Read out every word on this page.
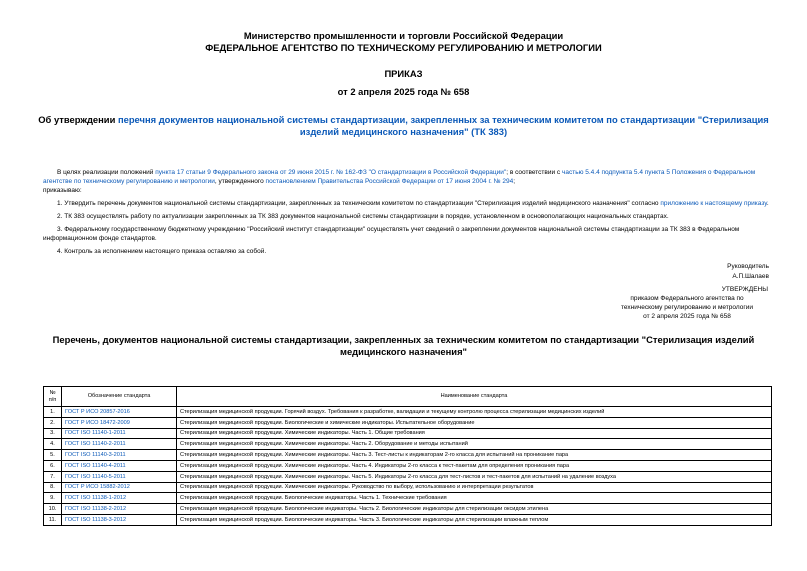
Министерство промышленности и торговли Российской Федерации
ФЕДЕРАЛЬНОЕ АГЕНТСТВО ПО ТЕХНИЧЕСКОМУ РЕГУЛИРОВАНИЮ И МЕТРОЛОГИИ
ПРИКАЗ
от 2 апреля 2025 года № 658
Об утверждении перечня документов национальной системы стандартизации, закрепленных за техническим комитетом по стандартизации "Стерилизация изделий медицинского назначения" (ТК 383)

В целях реализации положений пункта 17 статьи 9 Федерального закона от 29 июня 2015 г. № 162-ФЗ "О стандартизации в Российской Федерации"; в соответствии с частью 5.4.4 подпункта 5.4 пункта 5 Положения о Федеральном агентстве по техническому регулированию и метрологии, утвержденного постановлением Правительства Российской Федерации от 17 июня 2004 г. № 294;

приказываю:

1. Утвердить перечень документов национальной системы стандартизации, закрепленных за техническим комитетом по стандартизации "Стерилизация изделий медицинского назначения" согласно приложению к настоящему приказу.

2. ТК 383 осуществлять работу по актуализации закрепленных за ТК 383 документов национальной системы стандартизации в порядке, установленном в основополагающих национальных стандартах.

3. Федеральному государственному бюджетному учреждению "Российский институт стандартизации" осуществлять учет сведений о закреплении документов национальной системы стандартизации за ТК 383 в Федеральном информационном фонде стандартов.

4. Контроль за исполнением настоящего приказа оставляю за собой.

Руководитель
А.П.Шалаев
УТВЕРЖДЕНЫ
приказом Федерального агентства по
техническому регулированию и метрологии
от 2 апреля 2025 года № 658
Перечень, документов национальной системы стандартизации, закрепленных за техническим комитетом по стандартизации "Стерилизация изделий медицинского назначения"
№ п/п	Обозначение стандарта	Наименование стандарта
1.	ГОСТ Р ИСО 20857-2016	Стерилизация медицинской продукции. Горячий воздух. Требования к разработке, валидации и текущему контролю процесса стерилизации медицинских изделий
2.	ГОСТ Р ИСО 18472-2009	Стерилизация медицинской продукции. Биологические и химические индикаторы. Испытательное оборудование
3.	ГОСТ ISO 11140-1-2011	Стерилизация медицинской продукции. Химические индикаторы. Часть 1. Общие требования
4.	ГОСТ ISO 11140-2-2011	Стерилизация медицинской продукции. Химические индикаторы. Часть 2. Оборудование и методы испытаний
5.	ГОСТ ISO 11140-3-2011	Стерилизация медицинской продукции. Химические индикаторы. Часть 3. Тест-листы к индикаторам 2-го класса для испытаний на проникание пара
6.	ГОСТ ISO 11140-4-2011	Стерилизация медицинской продукции. Химические индикаторы. Часть 4. Индикаторы 2-го класса к тест-пакетам для определения проникания пара
7.	ГОСТ ISO 11140-5-2011	Стерилизация медицинской продукции. Химические индикаторы. Часть 5. Индикаторы 2-го класса для тест-листов и тест-пакетов для испытаний на удаление воздуха
8.	ГОСТ Р ИСО 15882-2012	Стерилизация медицинской продукции. Химические индикаторы. Руководство по выбору, использованию и интерпретации результатов
9.	ГОСТ ISO 11138-1-2012	Стерилизация медицинской продукции. Биологические индикаторы. Часть 1. Технические требования
10.	ГОСТ ISO 11138-2-2012	Стерилизация медицинской продукции. Биологические индикаторы. Часть 2. Биологические индикаторы для стерилизации оксидом этилена
11.	ГОСТ ISO 11138-3-2012	Стерилизация медицинской продукции. Биологические индикаторы. Часть 3. Биологические индикаторы для стерилизации влажным теплом
